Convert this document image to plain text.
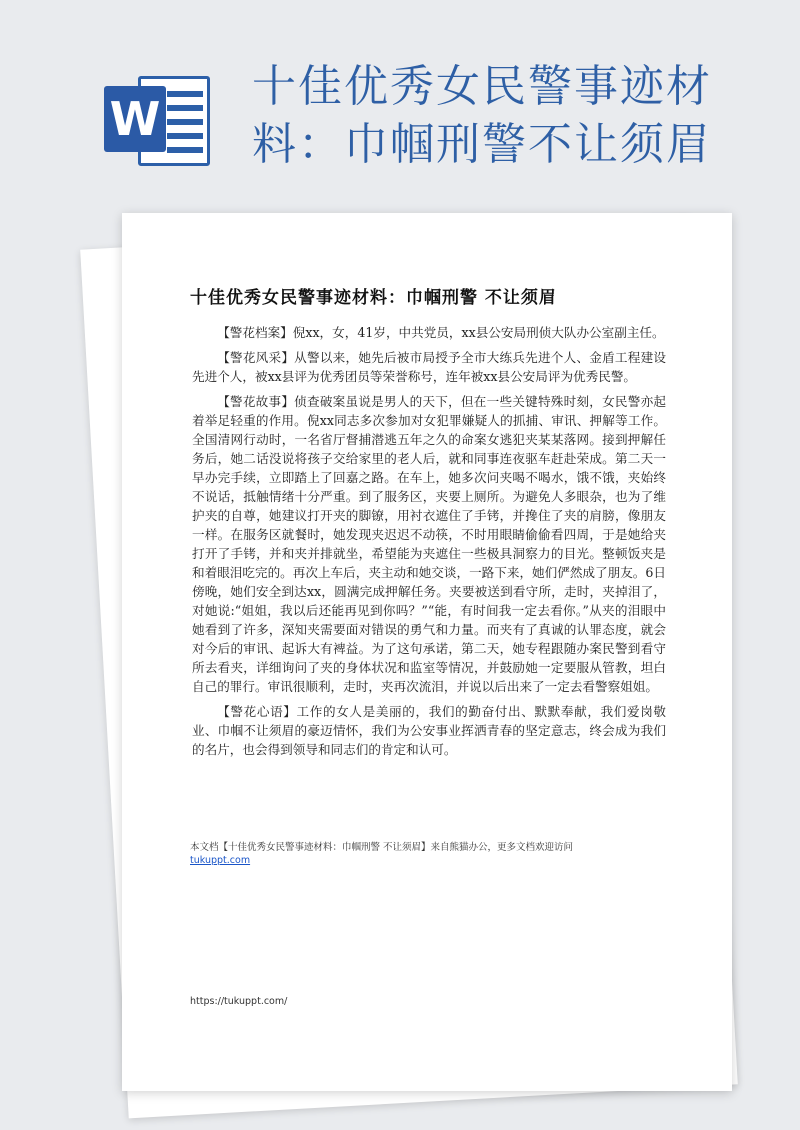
W
十佳优秀女民警事迹材料：巾帼刑警不让须眉
十佳优秀女民警事迹材料：巾帼刑警 不让须眉

【警花档案】倪xx，女，41岁，中共党员，xx县公安局刑侦大队办公室副主任。

【警花风采】从警以来，她先后被市局授予全市大练兵先进个人、金盾工程建设先进个人，被xx县评为优秀团员等荣誉称号，连年被xx县公安局评为优秀民警。

【警花故事】侦查破案虽说是男人的天下，但在一些关键特殊时刻，女民警亦起着举足轻重的作用。倪xx同志多次参加对女犯罪嫌疑人的抓捕、审讯、押解等工作。全国清网行动时，一名省厅督捕潜逃五年之久的命案女逃犯夹某某落网。接到押解任务后，她二话没说将孩子交给家里的老人后，就和同事连夜驱车赶赴荣成。第二天一早办完手续，立即踏上了回嘉之路。在车上，她多次问夹喝不喝水，饿不饿，夹始终不说话，抵触情绪十分严重。到了服务区，夹要上厕所。为避免人多眼杂，也为了维护夹的自尊，她建议打开夹的脚镣，用衬衣遮住了手铐，并搀住了夹的肩膀，像朋友一样。在服务区就餐时，她发现夹迟迟不动筷，不时用眼睛偷偷看四周，于是她给夹打开了手铐，并和夹并排就坐，希望能为夹遮住一些极具洞察力的目光。整顿饭夹是和着眼泪吃完的。再次上车后，夹主动和她交谈，一路下来，她们俨然成了朋友。6日傍晚，她们安全到达xx，圆满完成押解任务。夹要被送到看守所，走时，夹掉泪了，对她说:“姐姐，我以后还能再见到你吗？”“能，有时间我一定去看你。”从夹的泪眼中她看到了许多，深知夹需要面对错误的勇气和力量。而夹有了真诚的认罪态度，就会对今后的审讯、起诉大有裨益。为了这句承诺，第二天，她专程跟随办案民警到看守所去看夹，详细询问了夹的身体状况和监室等情况，并鼓励她一定要服从管教，坦白自己的罪行。审讯很顺利，走时，夹再次流泪，并说以后出来了一定去看警察姐姐。

【警花心语】工作的女人是美丽的，我们的勤奋付出、默默奉献，我们爱岗敬业、巾帼不让须眉的豪迈情怀，我们为公安事业挥洒青春的坚定意志，终会成为我们的名片，也会得到领导和同志们的肯定和认可。

本文档【十佳优秀女民警事迹材料：巾帼刑警 不让须眉】来自熊猫办公，更多文档欢迎访问
tukuppt.com
https://tukuppt.com/
